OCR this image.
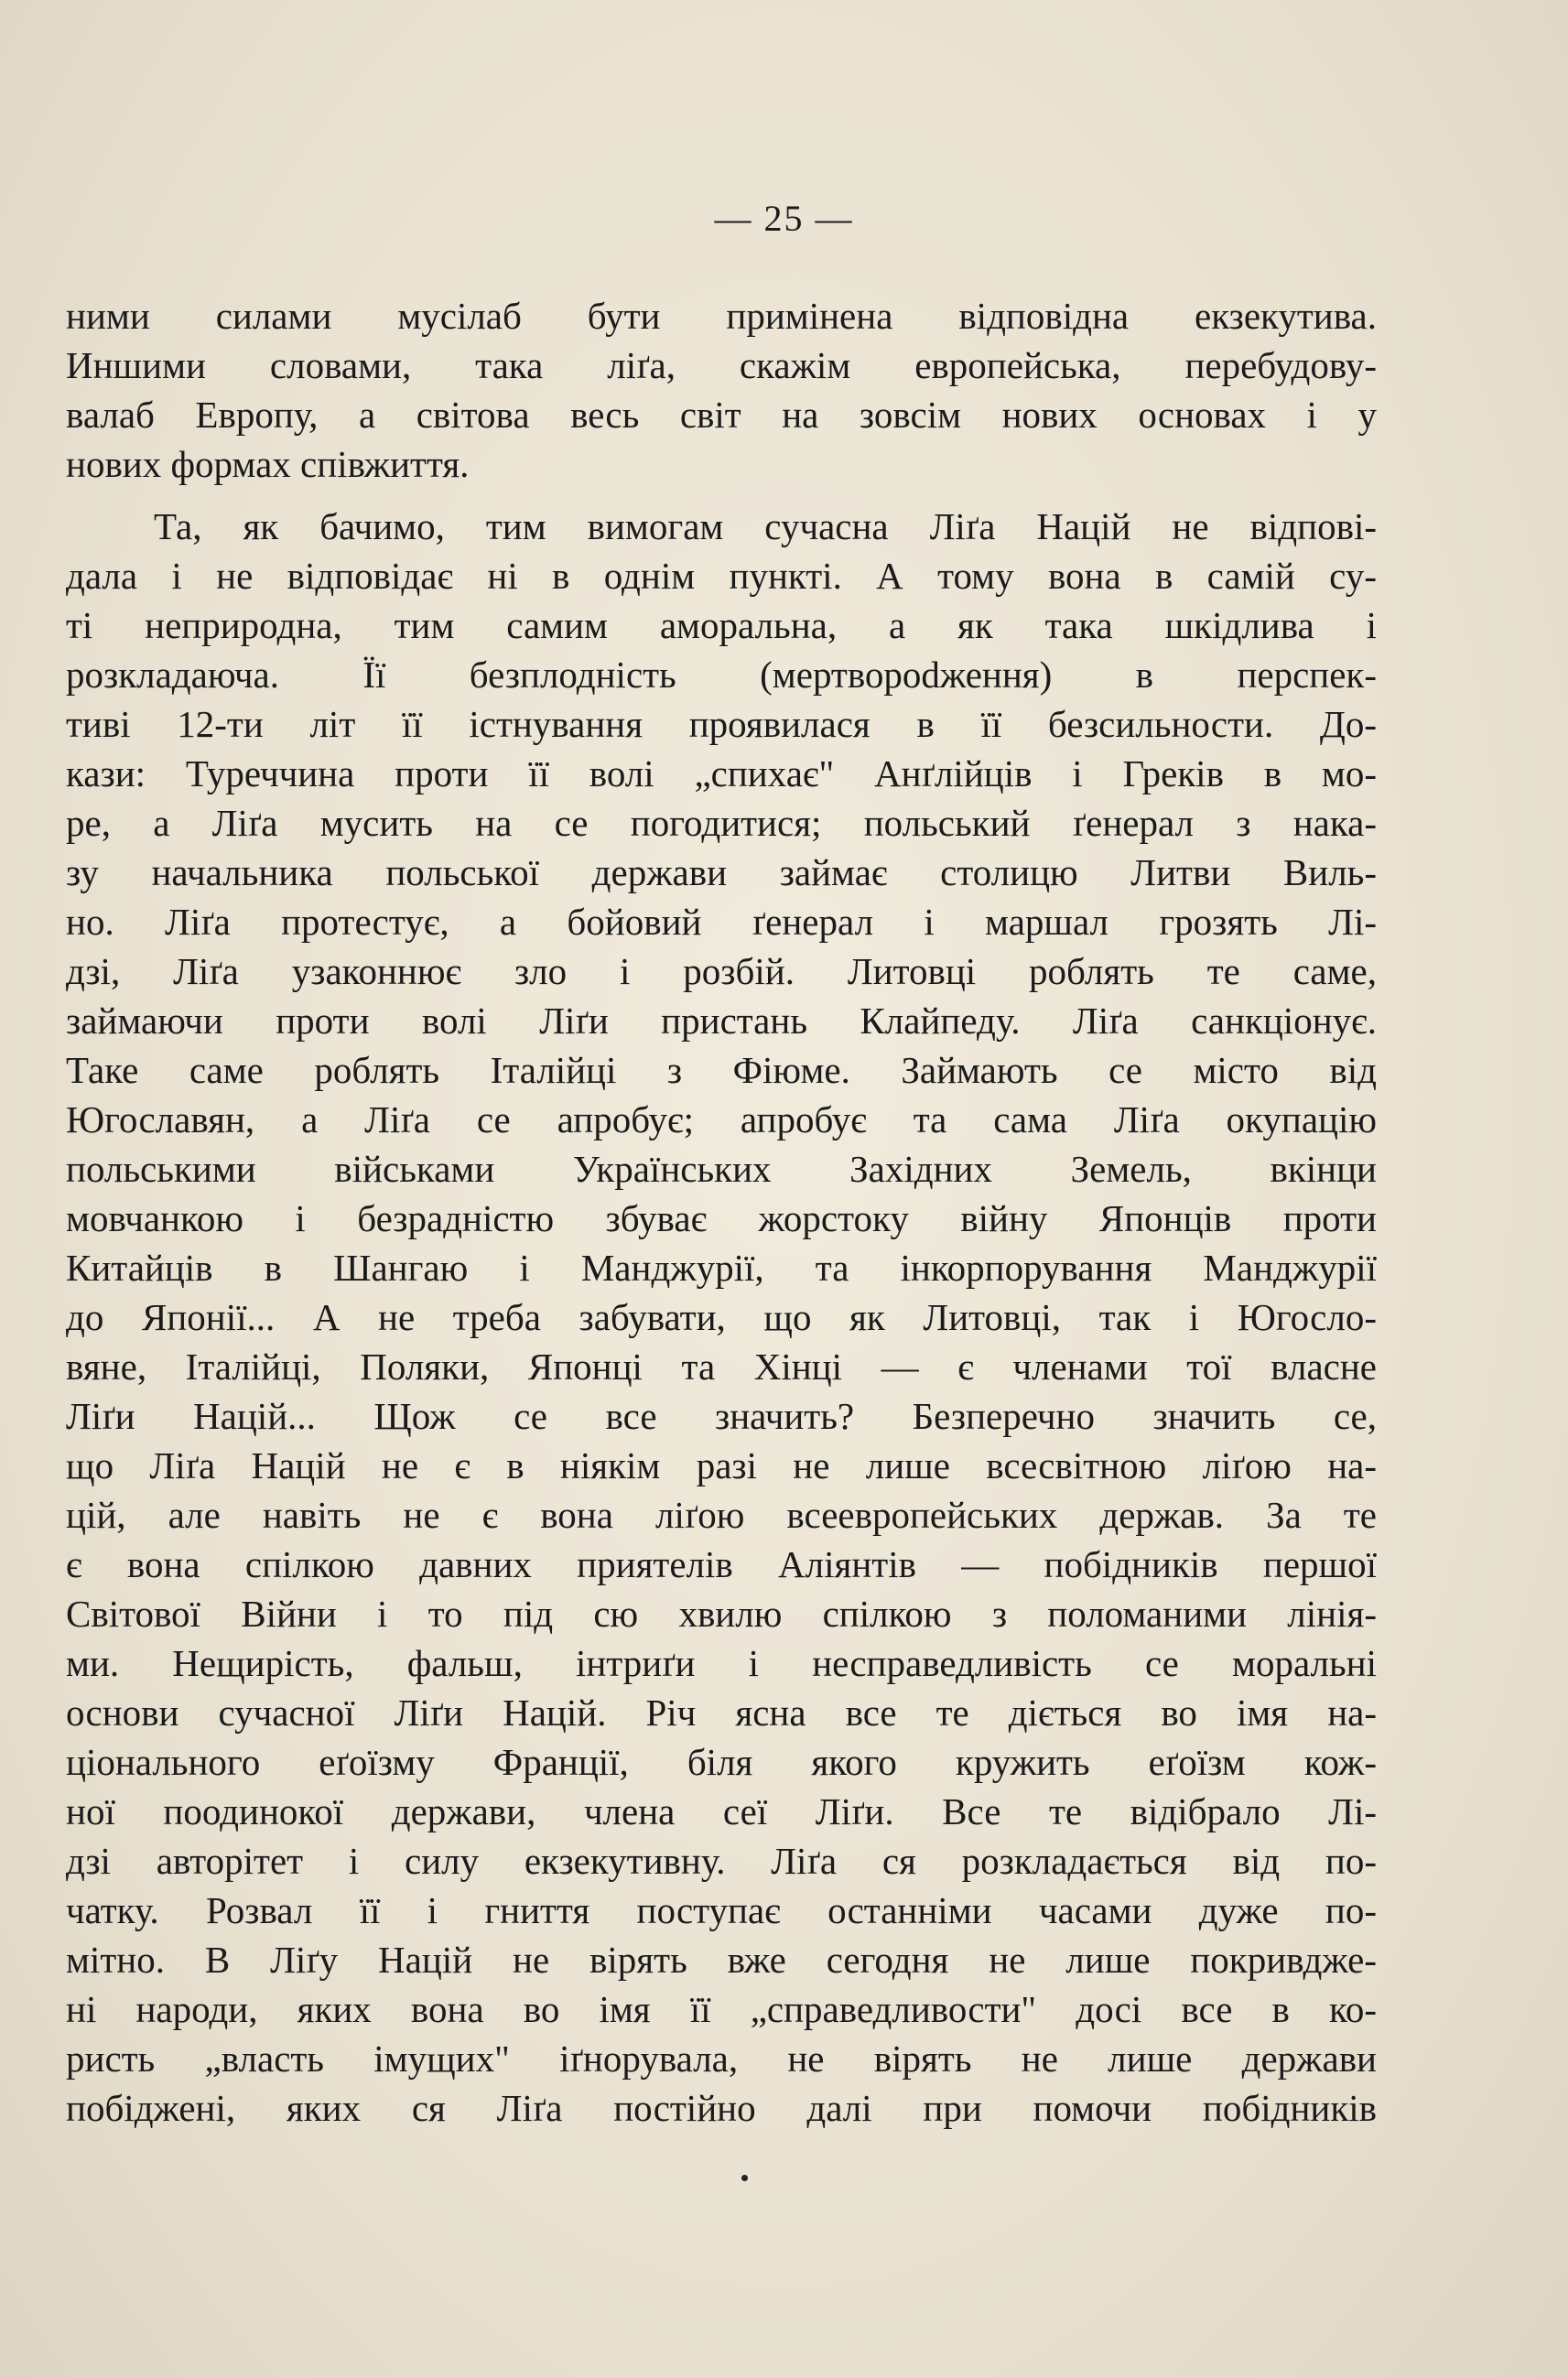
— 25 —
ними силами мусілаб бути примінена відповідна екзекутива.
Иншими словами, така ліґа, скажім европейська, перебудову-
валаб Европу, а світова весь світ на зовсім нових основах і у
нових формах співжиття.
Та, як бачимо, тим вимогам сучасна Ліґа Націй не відпові-
дала і не відповідає ні в однім пункті. А тому вона в самій су-
ті неприродна, тим самим аморальна, а як така шкідлива і
розкладаюча. Її безплодність (мертворodження) в перспек-
тиві 12-ти літ її істнування проявилася в її безсильности. До-
кази: Туреччина проти її волі „спихає" Анґлійців і Греків в мо-
ре, а Ліґа мусить на се погодитися; польський ґенерал з нака-
зу начальника польської держави займає столицю Литви Виль-
но. Ліґа протестує, а бойовий ґенерал і маршал грозять Лі-
дзі, Ліґа узаконнює зло і розбій. Литовці роблять те саме,
займаючи проти волі Ліґи пристань Клайпеду. Ліґа санкціонує.
Таке саме роблять Італійці з Фіюме. Займають се місто від
Югославян, а Ліґа се апробує; апробує та сама Ліґа окупацію
польськими військами Українських Західних Земель, вкінци
мовчанкою і безрадністю збуває жорстоку війну Японців проти
Китайців в Шангаю і Манджурії, та інкорпорування Манджурії
до Японії... А не треба забувати, що як Литовці, так і Югосло-
вяне, Італійці, Поляки, Японці та Хінці — є членами тої власне
Ліґи Націй... Щож се все значить? Безперечно значить се,
що Ліґа Націй не є в ніякім разі не лише всесвітною ліґою на-
цій, але навіть не є вона ліґою всеевропейських держав. За те
є вона спілкою давних приятелів Аліянтів — побідників першої
Світової Війни і то під сю хвилю спілкою з поломаними лінія-
ми. Нещирість, фальш, інтриґи і несправедливість се моральні
основи сучасної Ліґи Націй. Річ ясна все те діється во імя на-
ціонального еґоїзму Франції, біля якого кружить еґоїзм кож-
ної поодинокої держави, члена сеї Ліґи. Все те відібрало Лі-
дзі авторітет і силу екзекутивну. Ліґа ся розкладається від по-
чатку. Розвал її і гниття поступає останніми часами дуже по-
мітно. В Ліґу Націй не вірять вже сегодня не лише покривдже-
ні народи, яких вона во імя її „справедливости" досі все в ко-
ристь „власть імущих" іґнорувала, не вірять не лише держави
побіджені, яких ся Ліґа постійно далі при помочи побідників
